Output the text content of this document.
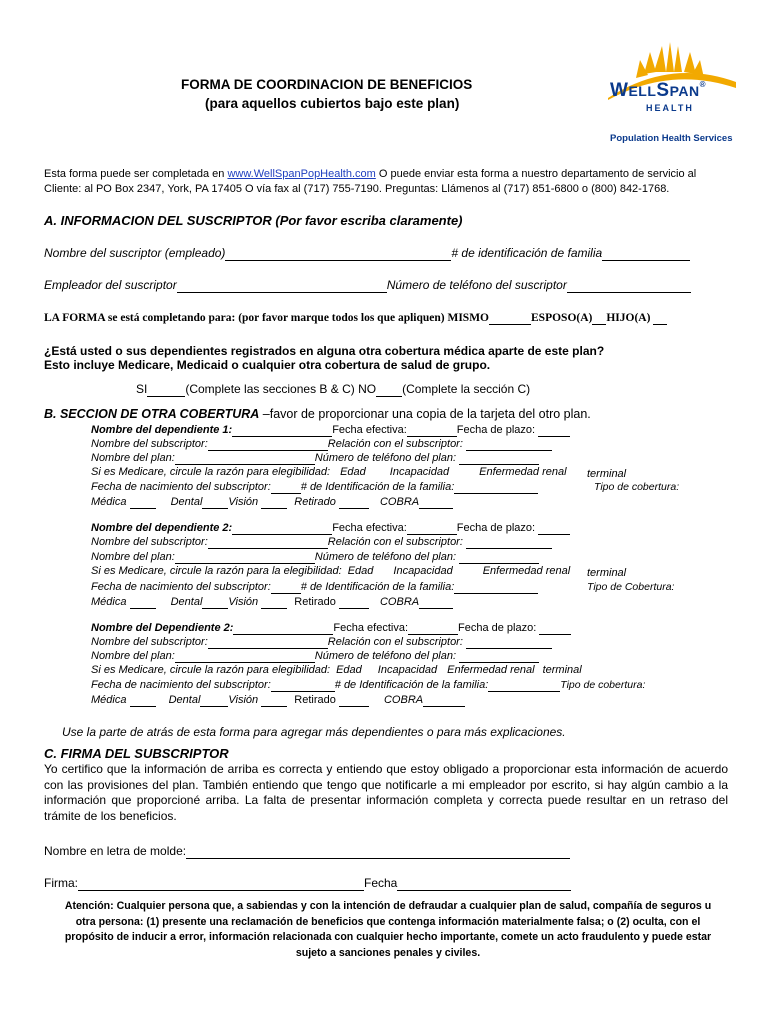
FORMA DE COORDINACION DE BENEFICIOS
(para aquellos cubiertos bajo este plan)
WELLSPAN®
HEALTH
Population Health Services
Esta forma puede ser completada en www.WellSpanPopHealth.com O puede enviar esta forma a nuestro departamento de servicio al
Cliente: al PO Box 2347, York, PA 17405 O vía fax al (717) 755-7190. Preguntas: Llámenos al (717) 851-6800 o (800) 842-1768.
A. INFORMACION DEL SUSCRIPTOR (Por favor escriba claramente)
Nombre del suscriptor (empleado)	# de identificación de familia
Empleador del suscriptor	Número de teléfono del suscriptor
LA FORMA se está completando para: (por favor marque todos los que apliquen) MISMO	ESPOSO(A) HIJO(A)
¿Está usted o sus dependientes registrados en alguna otra cobertura médica aparte de este plan?
Esto incluye Medicare, Medicaid o cualquier otra cobertura de salud de grupo.
SI	(Complete las secciones B & C) NO (Complete la sección C)
B. SECCION DE OTRA COBERTURA –favor de proporcionar una copia de la tarjeta del otro plan.
Nombre del dependiente 1:	Fecha efectiva:	Fecha de plazo:
Nombre del subscriptor:	Relación con el subscriptor:
Nombre del plan:	Número de teléfono del plan:
Si es Medicare, circule la razón para elegibilidad: Edad Incapacidad	Enfermedad renal terminal
Fecha de nacimiento del subscriptor:	# de Identificación de la familia:	Tipo de cobertura:
Médica	Dental Visión	Retirado	COBRA
Nombre del dependiente 2:	Fecha efectiva:	Fecha de plazo:
Nombre del subscriptor:	Relación con el subscriptor:
Nombre del plan:	Número de teléfono del plan:
Si es Medicare, circule la razón para la elegibilidad: Edad Incapacidad	Enfermedad renal terminal
Fecha de nacimiento del subscriptor:	# de Identificación de la familia:	Tipo de Cobertura:
Médica	Dental Visión	Retirado	COBRA
Nombre del Dependiente 2:	Fecha efectiva:	Fecha de plazo:
Nombre del subscriptor:	Relación con el subscriptor:
Nombre del plan:	Número de teléfono del plan:
Si es Medicare, circule la razón para elegibilidad: Edad Incapacidad Enfermedad renal terminal
Fecha de nacimiento del subscriptor:	# de Identificación de la familia:	Tipo de cobertura:
Médica	Dental	Visión	Retirado	COBRA
Use la parte de atrás de esta forma para agregar más dependientes o para más explicaciones.
C. FIRMA DEL SUBSCRIPTOR
Yo certifico que la información de arriba es correcta y entiendo que estoy obligado a proporcionar esta información de acuerdo con las provisiones del plan. También entiendo que tengo que notificarle a mi empleador por escrito, si hay algún cambio a la información que proporcioné arriba. La falta de presentar información completa y correcta puede resultar en un retraso del trámite de los beneficios.
Nombre en letra de molde:
Firma:	Fecha
Atención: Cualquier persona que, a sabiendas y con la intención de defraudar a cualquier plan de salud, compañía de seguros u otra persona: (1) presente una reclamación de beneficios que contenga información materialmente falsa; o (2) oculta, con el propósito de inducir a error, información relacionada con cualquier hecho importante, comete un acto fraudulento y puede estar sujeto a sanciones penales y civiles.
